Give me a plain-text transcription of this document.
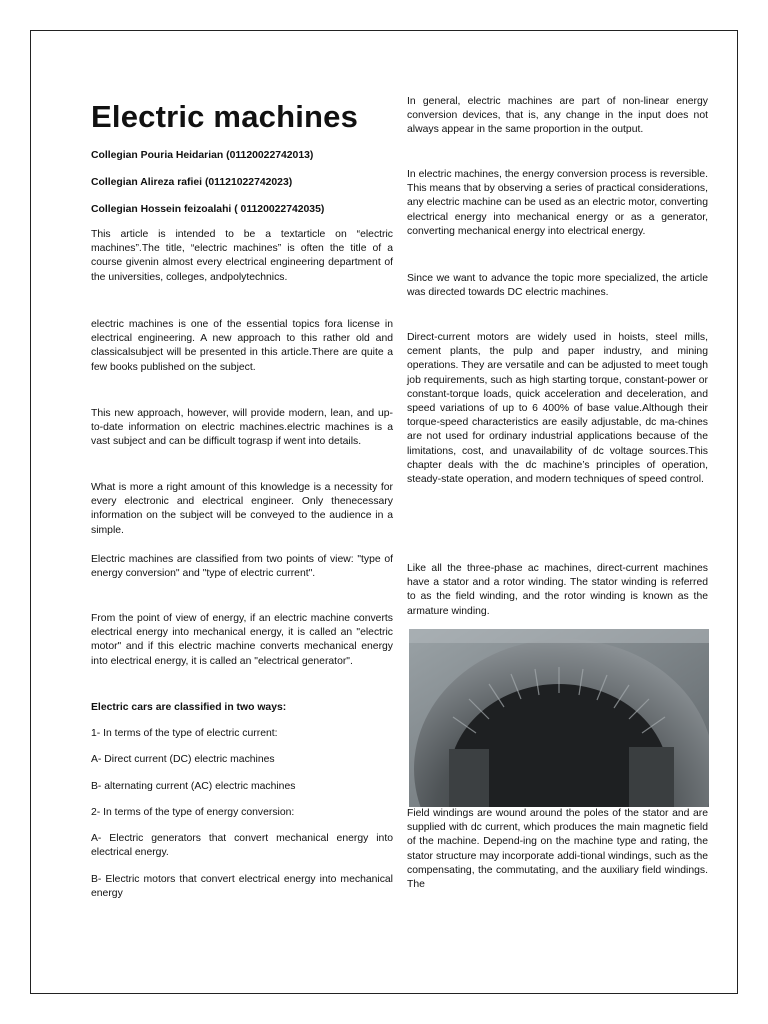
Electric machines
Collegian Pouria Heidarian (01120022742013)
Collegian Alireza rafiei (01121022742023)
Collegian Hossein feizoalahi ( 01120022742035)

This article is intended to be a textarticle on “electric machines”.The title, “electric machines” is often the title of a course givenin almost every electrical engineering department of the universities, colleges, andpolytechnics.

electric machines is one of the essential topics fora license in electrical engineering. A new approach to this rather old and classicalsubject will be presented in this article.There are quite a few books published on the subject.

This new approach, however, will provide modern, lean, and up-to-date information on electric machines.electric machines is a vast subject and can be difficult tograsp if went into details.

What is more a right amount of this knowledge is a necessity for every electronic and electrical engineer. Only thenecessary information on the subject will be conveyed to the audience in a simple.

Electric machines are classified from two points of view: "type of energy conversion" and "type of electric current".

From the point of view of energy, if an electric machine converts electrical energy into mechanical energy, it is called an "electric motor" and if this electric machine converts mechanical energy into electrical energy, it is called an "electrical generator".

Electric cars are classified in two ways:

1- In terms of the type of electric current:

A- Direct current (DC) electric machines

B- alternating current (AC) electric machines

2- In terms of the type of energy conversion:

A- Electric generators that convert mechanical energy into electrical energy.

B- Electric motors that convert electrical energy into mechanical energy

In general, electric machines are part of non-linear energy conversion devices, that is, any change in the input does not always appear in the same proportion in the output.

In electric machines, the energy conversion process is reversible. This means that by observing a series of practical considerations, any electric machine can be used as an electric motor, converting electrical energy into mechanical energy or as a generator, converting mechanical energy into electrical energy.

Since we want to advance the topic more specialized, the article was directed towards DC electric machines.

Direct-current motors are widely used in hoists, steel mills, cement plants, the pulp and paper industry, and mining operations. They are versatile and can be adjusted to meet tough job requirements, such as high starting torque, constant-power or constant-torque loads, quick acceleration and deceleration, and speed variations of up to 6 400% of base value.Although their torque-speed characteristics are easily adjustable, dc ma-chines are not used for ordinary industrial applications because of the limitations, cost, and unavailability of dc voltage sources.This chapter deals with the dc machine’s principles of operation, steady-state operation, and modern techniques of speed control.

Like all the three-phase ac machines, direct-current machines have a stator and a rotor winding. The stator winding is referred to as the field winding, and the rotor winding is known as the armature winding.

Field windings are wound around the poles of the stator and are supplied with dc current, which produces the main magnetic field of the machine. Depend-ing on the machine type and rating, the stator structure may incorporate addi-tional windings, such as the compensating, the commutating, and the auxiliary field windings. The
